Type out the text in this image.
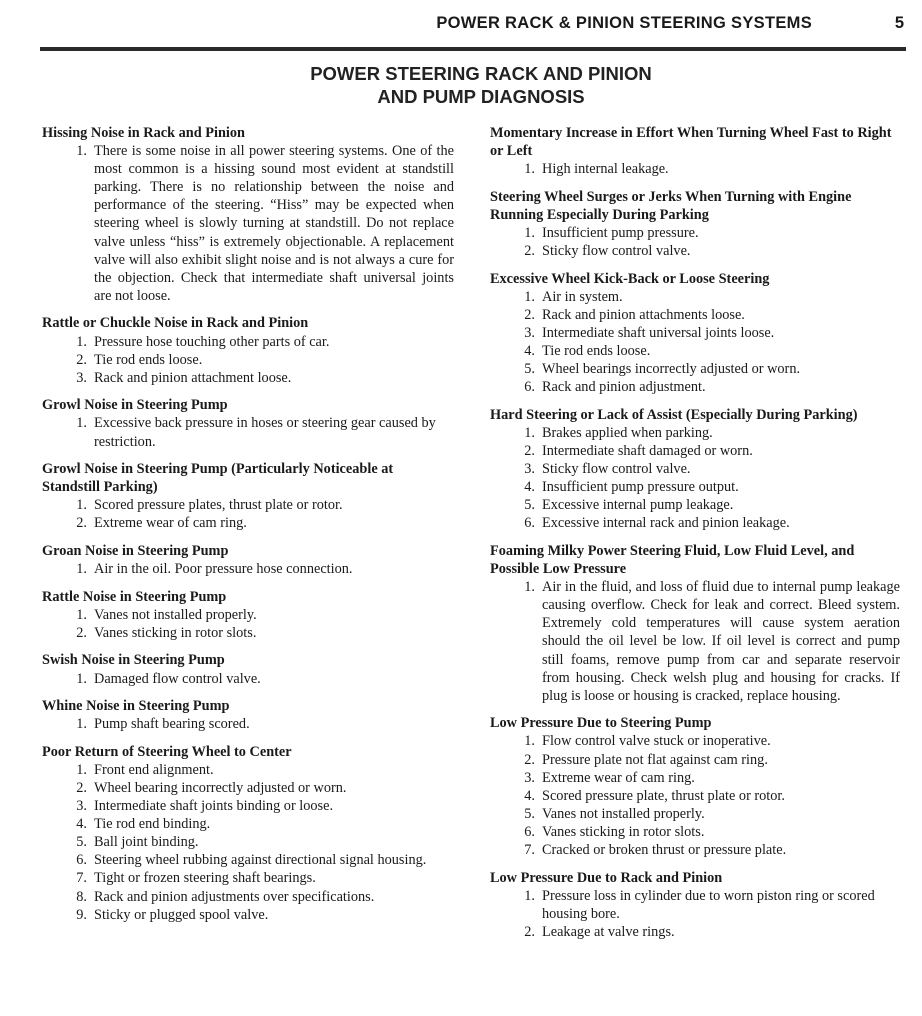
POWER RACK & PINION STEERING SYSTEMS	5
POWER STEERING RACK AND PINION
AND PUMP DIAGNOSIS
Hissing Noise in Rack and Pinion
1. There is some noise in all power steering systems. One of the most common is a hissing sound most evident at standstill parking. There is no relationship between the noise and performance of the steering. “Hiss” may be expected when steering wheel is slowly turning at standstill. Do not replace valve unless “hiss” is extremely objectionable. A replacement valve will also exhibit slight noise and is not always a cure for the objection. Check that intermediate shaft universal joints are not loose.
Rattle or Chuckle Noise in Rack and Pinion
1. Pressure hose touching other parts of car.
2. Tie rod ends loose.
3. Rack and pinion attachment loose.
Growl Noise in Steering Pump
1. Excessive back pressure in hoses or steering gear caused by restriction.
Growl Noise in Steering Pump (Particularly Noticeable at Standstill Parking)
1. Scored pressure plates, thrust plate or rotor.
2. Extreme wear of cam ring.
Groan Noise in Steering Pump
1. Air in the oil. Poor pressure hose connection.
Rattle Noise in Steering Pump
1. Vanes not installed properly.
2. Vanes sticking in rotor slots.
Swish Noise in Steering Pump
1. Damaged flow control valve.
Whine Noise in Steering Pump
1. Pump shaft bearing scored.
Poor Return of Steering Wheel to Center
1. Front end alignment.
2. Wheel bearing incorrectly adjusted or worn.
3. Intermediate shaft joints binding or loose.
4. Tie rod end binding.
5. Ball joint binding.
6. Steering wheel rubbing against directional signal housing.
7. Tight or frozen steering shaft bearings.
8. Rack and pinion adjustments over specifications.
9. Sticky or plugged spool valve.
Momentary Increase in Effort When Turning Wheel Fast to Right or Left
1. High internal leakage.
Steering Wheel Surges or Jerks When Turning with Engine Running Especially During Parking
1. Insufficient pump pressure.
2. Sticky flow control valve.
Excessive Wheel Kick-Back or Loose Steering
1. Air in system.
2. Rack and pinion attachments loose.
3. Intermediate shaft universal joints loose.
4. Tie rod ends loose.
5. Wheel bearings incorrectly adjusted or worn.
6. Rack and pinion adjustment.
Hard Steering or Lack of Assist (Especially During Parking)
1. Brakes applied when parking.
2. Intermediate shaft damaged or worn.
3. Sticky flow control valve.
4. Insufficient pump pressure output.
5. Excessive internal pump leakage.
6. Excessive internal rack and pinion leakage.
Foaming Milky Power Steering Fluid, Low Fluid Level, and Possible Low Pressure
1. Air in the fluid, and loss of fluid due to internal pump leakage causing overflow. Check for leak and correct. Bleed system. Extremely cold temperatures will cause system aeration should the oil level be low. If oil level is correct and pump still foams, remove pump from car and separate reservoir from housing. Check welsh plug and housing for cracks. If plug is loose or housing is cracked, replace housing.
Low Pressure Due to Steering Pump
1. Flow control valve stuck or inoperative.
2. Pressure plate not flat against cam ring.
3. Extreme wear of cam ring.
4. Scored pressure plate, thrust plate or rotor.
5. Vanes not installed properly.
6. Vanes sticking in rotor slots.
7. Cracked or broken thrust or pressure plate.
Low Pressure Due to Rack and Pinion
1. Pressure loss in cylinder due to worn piston ring or scored housing bore.
2. Leakage at valve rings.
